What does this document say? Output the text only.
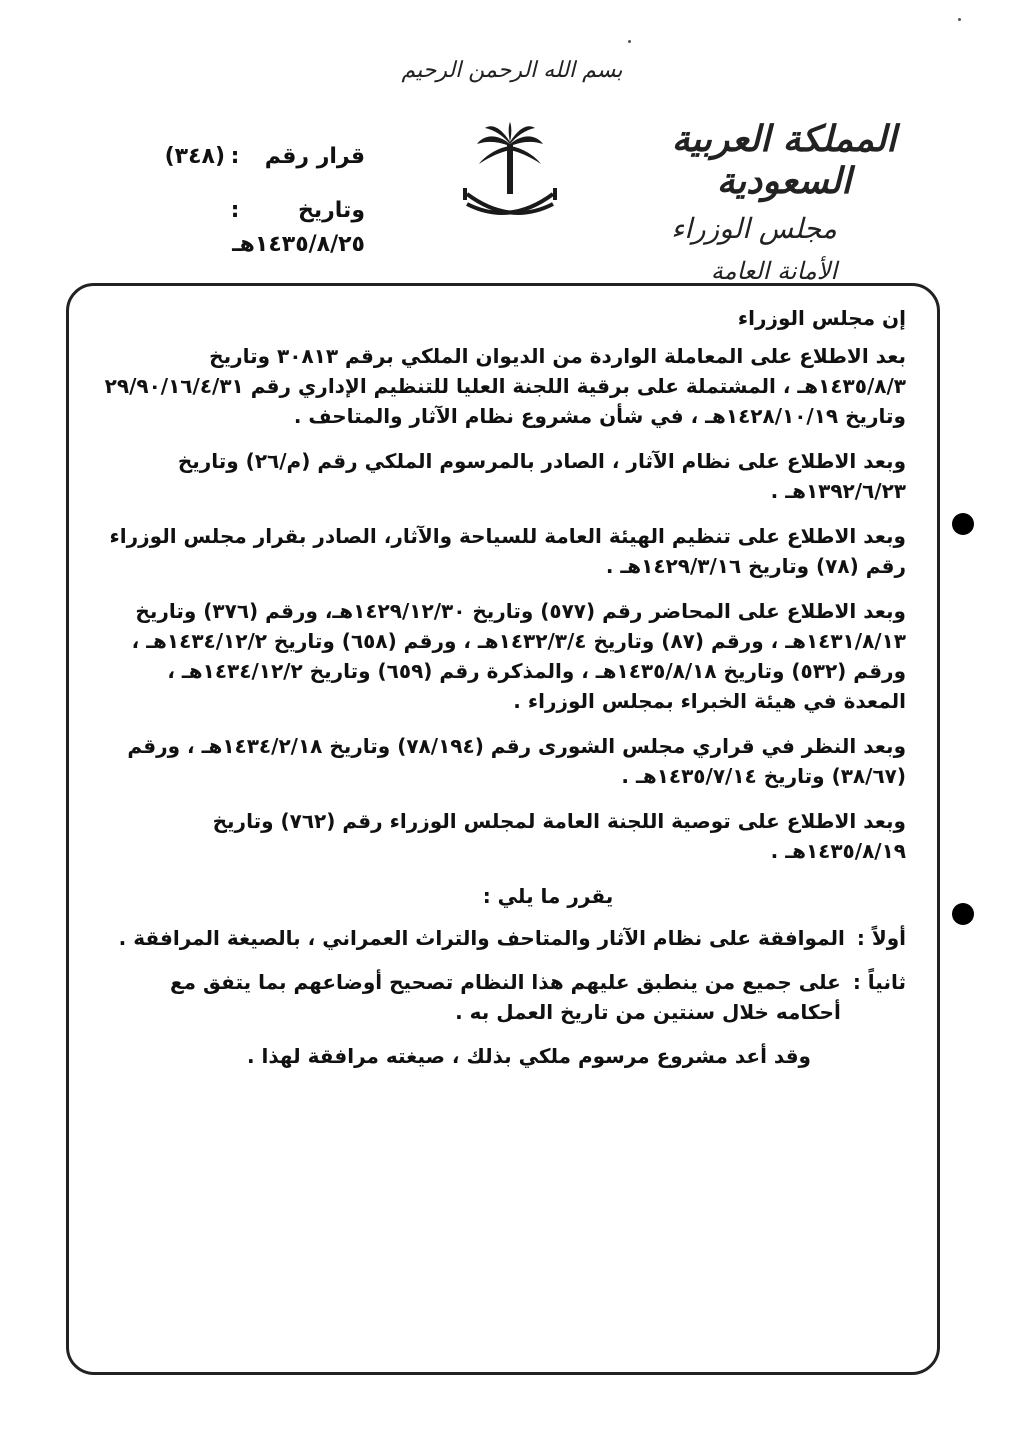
بسم الله الرحمن الرحيم
المملكة العربية السعودية
مجلس الوزراء
الأمانة العامة
قرار رقم:(٣٤٨)
وتاريخ:١٤٣٥/٨/٢٥هـ

إن مجلس الوزراء

بعد الاطلاع على المعاملة الواردة من الديوان الملكي برقم ٣٠٨١٣ وتاريخ ١٤٣٥/٨/٣هـ ، المشتملة على برقية اللجنة العليا للتنظيم الإداري رقم ٢٩/٩٠/١٦/٤/٣١ وتاريخ ١٤٢٨/١٠/١٩هـ ، في شأن مشروع نظام الآثار والمتاحف .

وبعد الاطلاع على نظام الآثار ، الصادر بالمرسوم الملكي رقم (م/٢٦) وتاريخ ١٣٩٢/٦/٢٣هـ .

وبعد الاطلاع على تنظيم الهيئة العامة للسياحة والآثار، الصادر بقرار مجلس الوزراء رقم (٧٨) وتاريخ ١٤٢٩/٣/١٦هـ .

وبعد الاطلاع على المحاضر رقم (٥٧٧) وتاريخ ١٤٢٩/١٢/٣٠هـ، ورقم (٣٧٦) وتاريخ ١٤٣١/٨/١٣هـ ، ورقم (٨٧) وتاريخ ١٤٣٢/٣/٤هـ ، ورقم (٦٥٨) وتاريخ ١٤٣٤/١٢/٢هـ ، ورقم (٥٣٢) وتاريخ ١٤٣٥/٨/١٨هـ ، والمذكرة رقم (٦٥٩) وتاريخ ١٤٣٤/١٢/٢هـ ، المعدة في هيئة الخبراء بمجلس الوزراء .

وبعد النظر في قراري مجلس الشورى رقم (٧٨/١٩٤) وتاريخ ١٤٣٤/٢/١٨هـ ، ورقم (٣٨/٦٧) وتاريخ ١٤٣٥/٧/١٤هـ .

وبعد الاطلاع على توصية اللجنة العامة لمجلس الوزراء رقم (٧٦٢) وتاريخ ١٤٣٥/٨/١٩هـ .

يقرر ما يلي :

أولاً :
الموافقة على نظام الآثار والمتاحف والتراث العمراني ، بالصيغة المرافقة .
ثانياً :
على جميع من ينطبق عليهم هذا النظام تصحيح أوضاعهم بما يتفق مع أحكامه خلال سنتين من تاريخ العمل به .

وقد أعد مشروع مرسوم ملكي بذلك ، صيغته مرافقة لهذا .
